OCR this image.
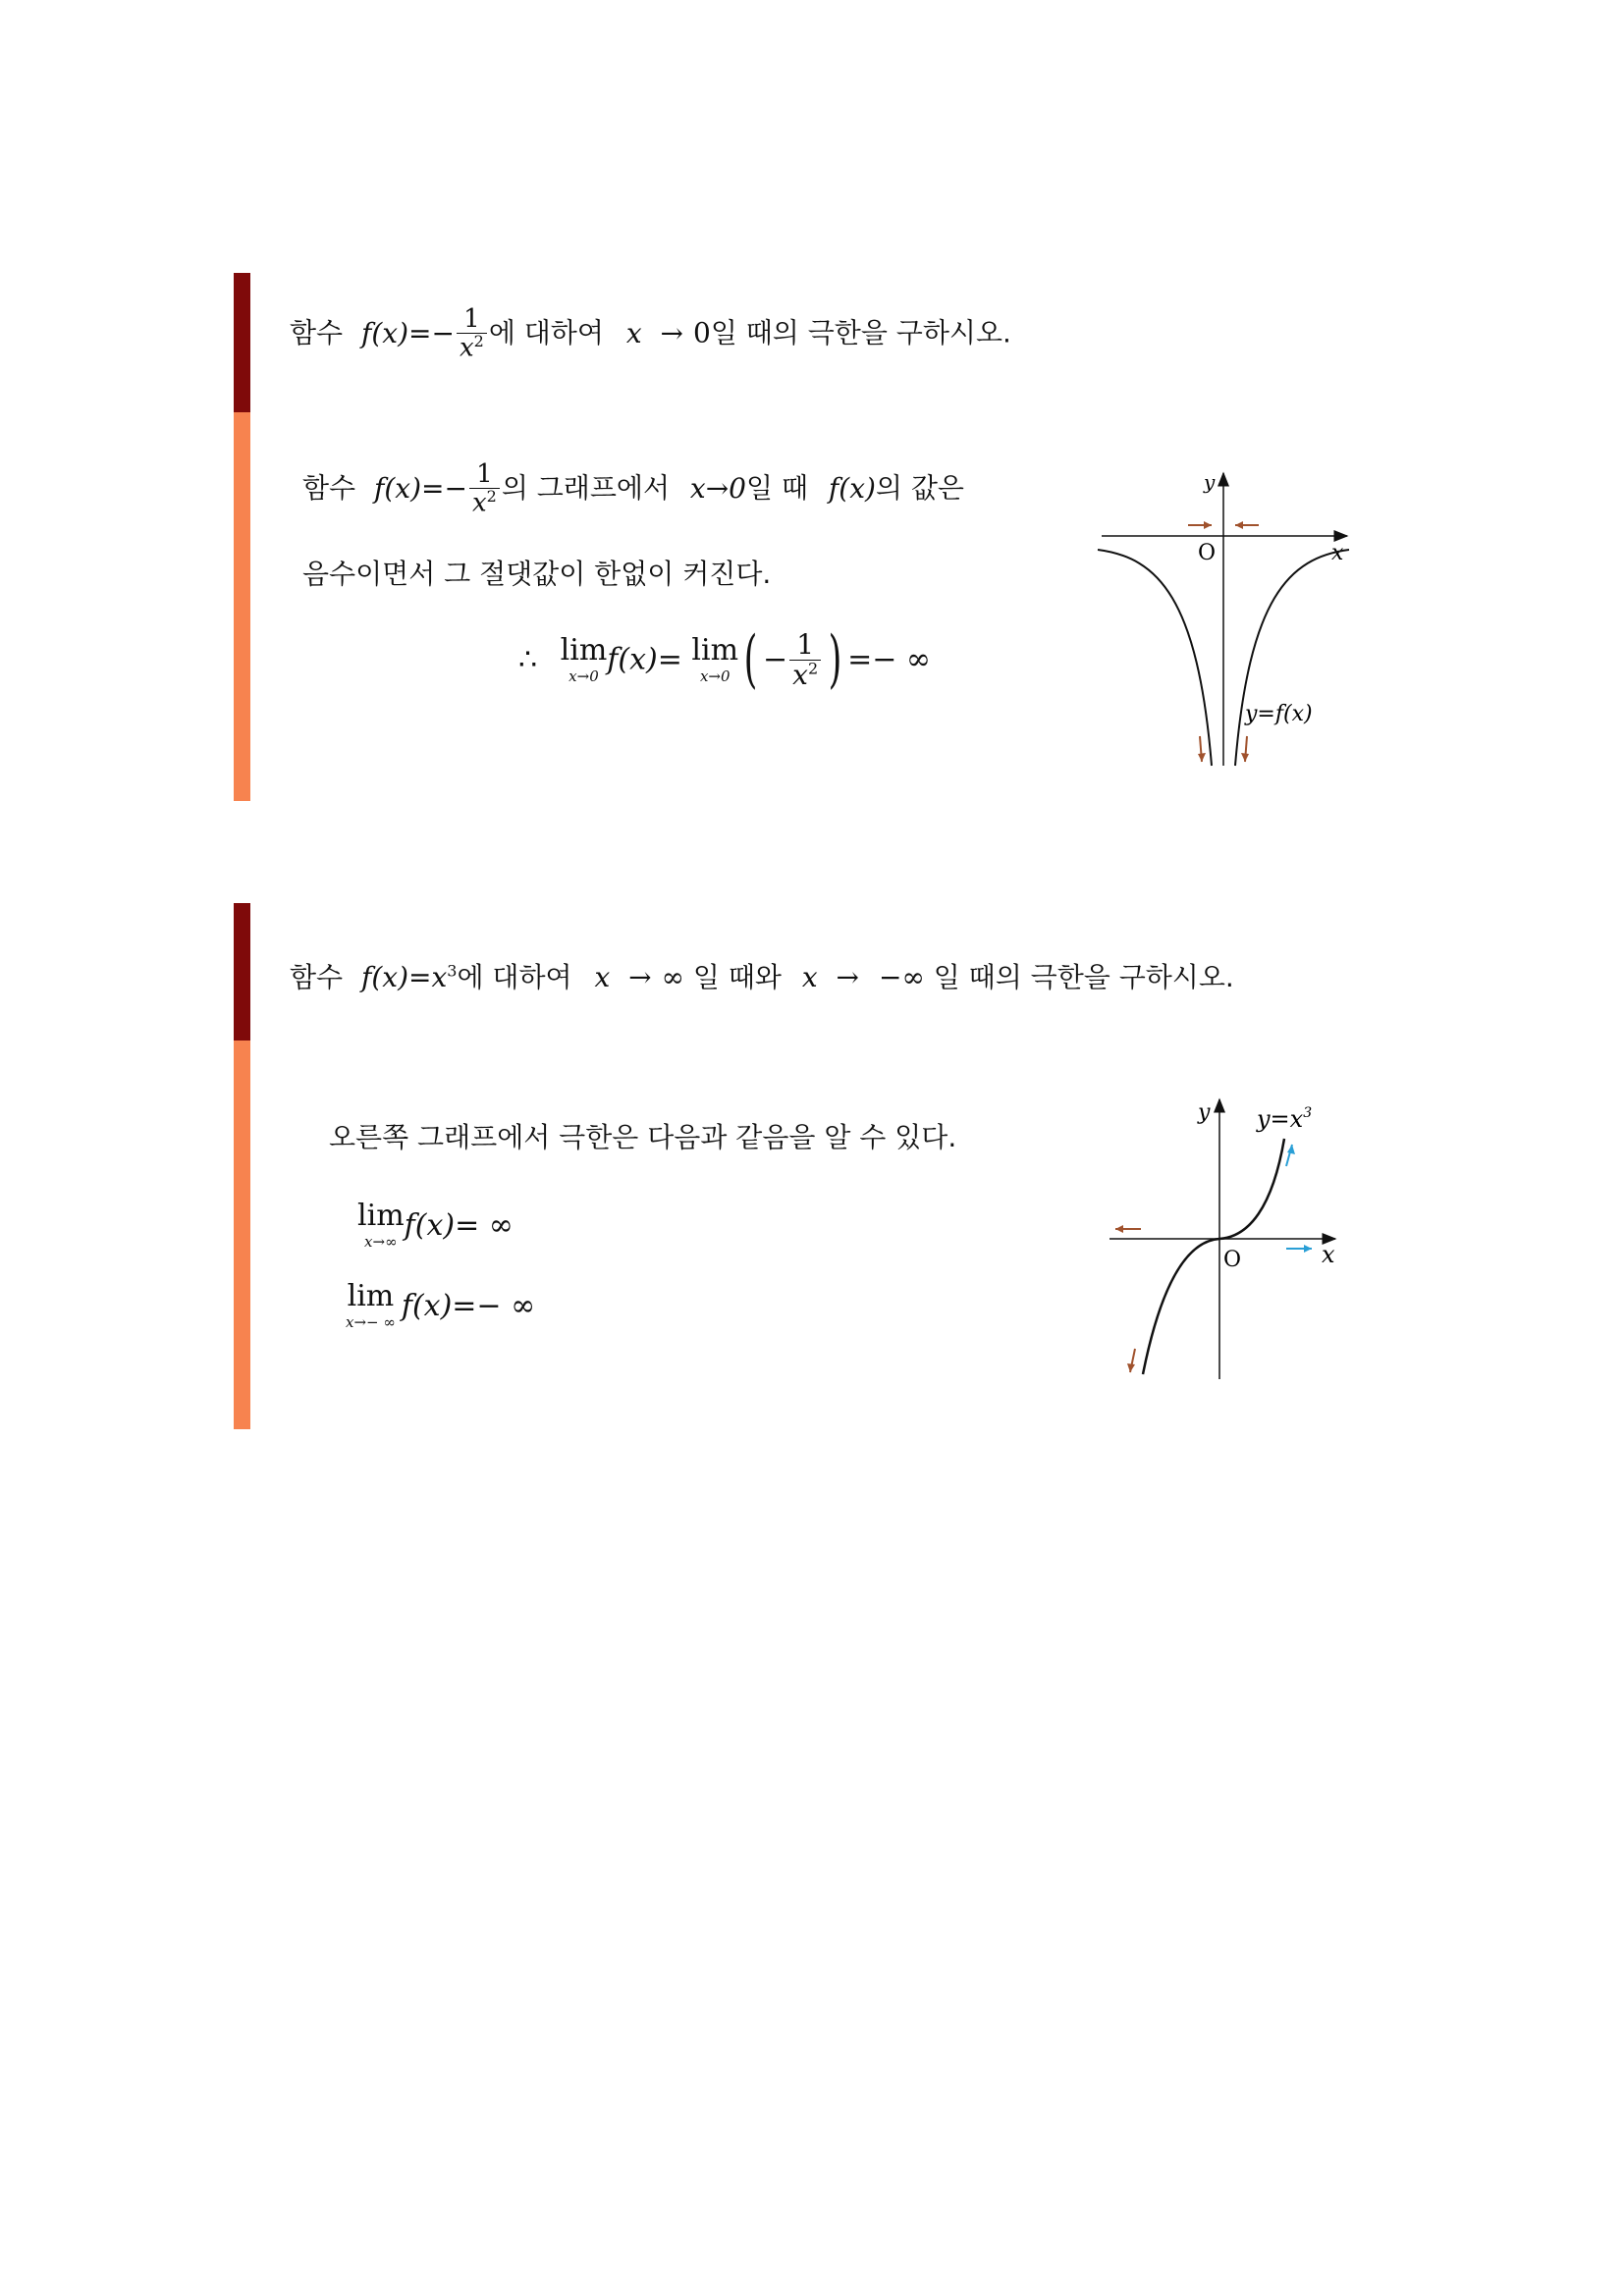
함수 $f(x)=- \frac{1}{x^2}$ 에 대하여 x → 0일 때의 극한을 구하시오.
함수 $f(x)=- \frac{1}{x^2}$ 의 그래프에서 x→0일 때 f(x)의 값은
음수이면서 그 절댓값이 한없이 커진다.
∴ lim
x→0 f(x)= lim
x→0 ( − $\frac{1}{x^2}$ ) =− ∞
y
x
O
y=f(x)
함수 $f(x)=x^3$에 대하여 x → ∞ 일 때와 x → −∞ 일 때의 극한을 구하시오.
오른쪽 그래프에서 극한은 다음과 같음을 알 수 있다.
lim
x→∞ f(x)= ∞
lim
x→− ∞ f(x)=− ∞
y
x
O
$y=x^3$
